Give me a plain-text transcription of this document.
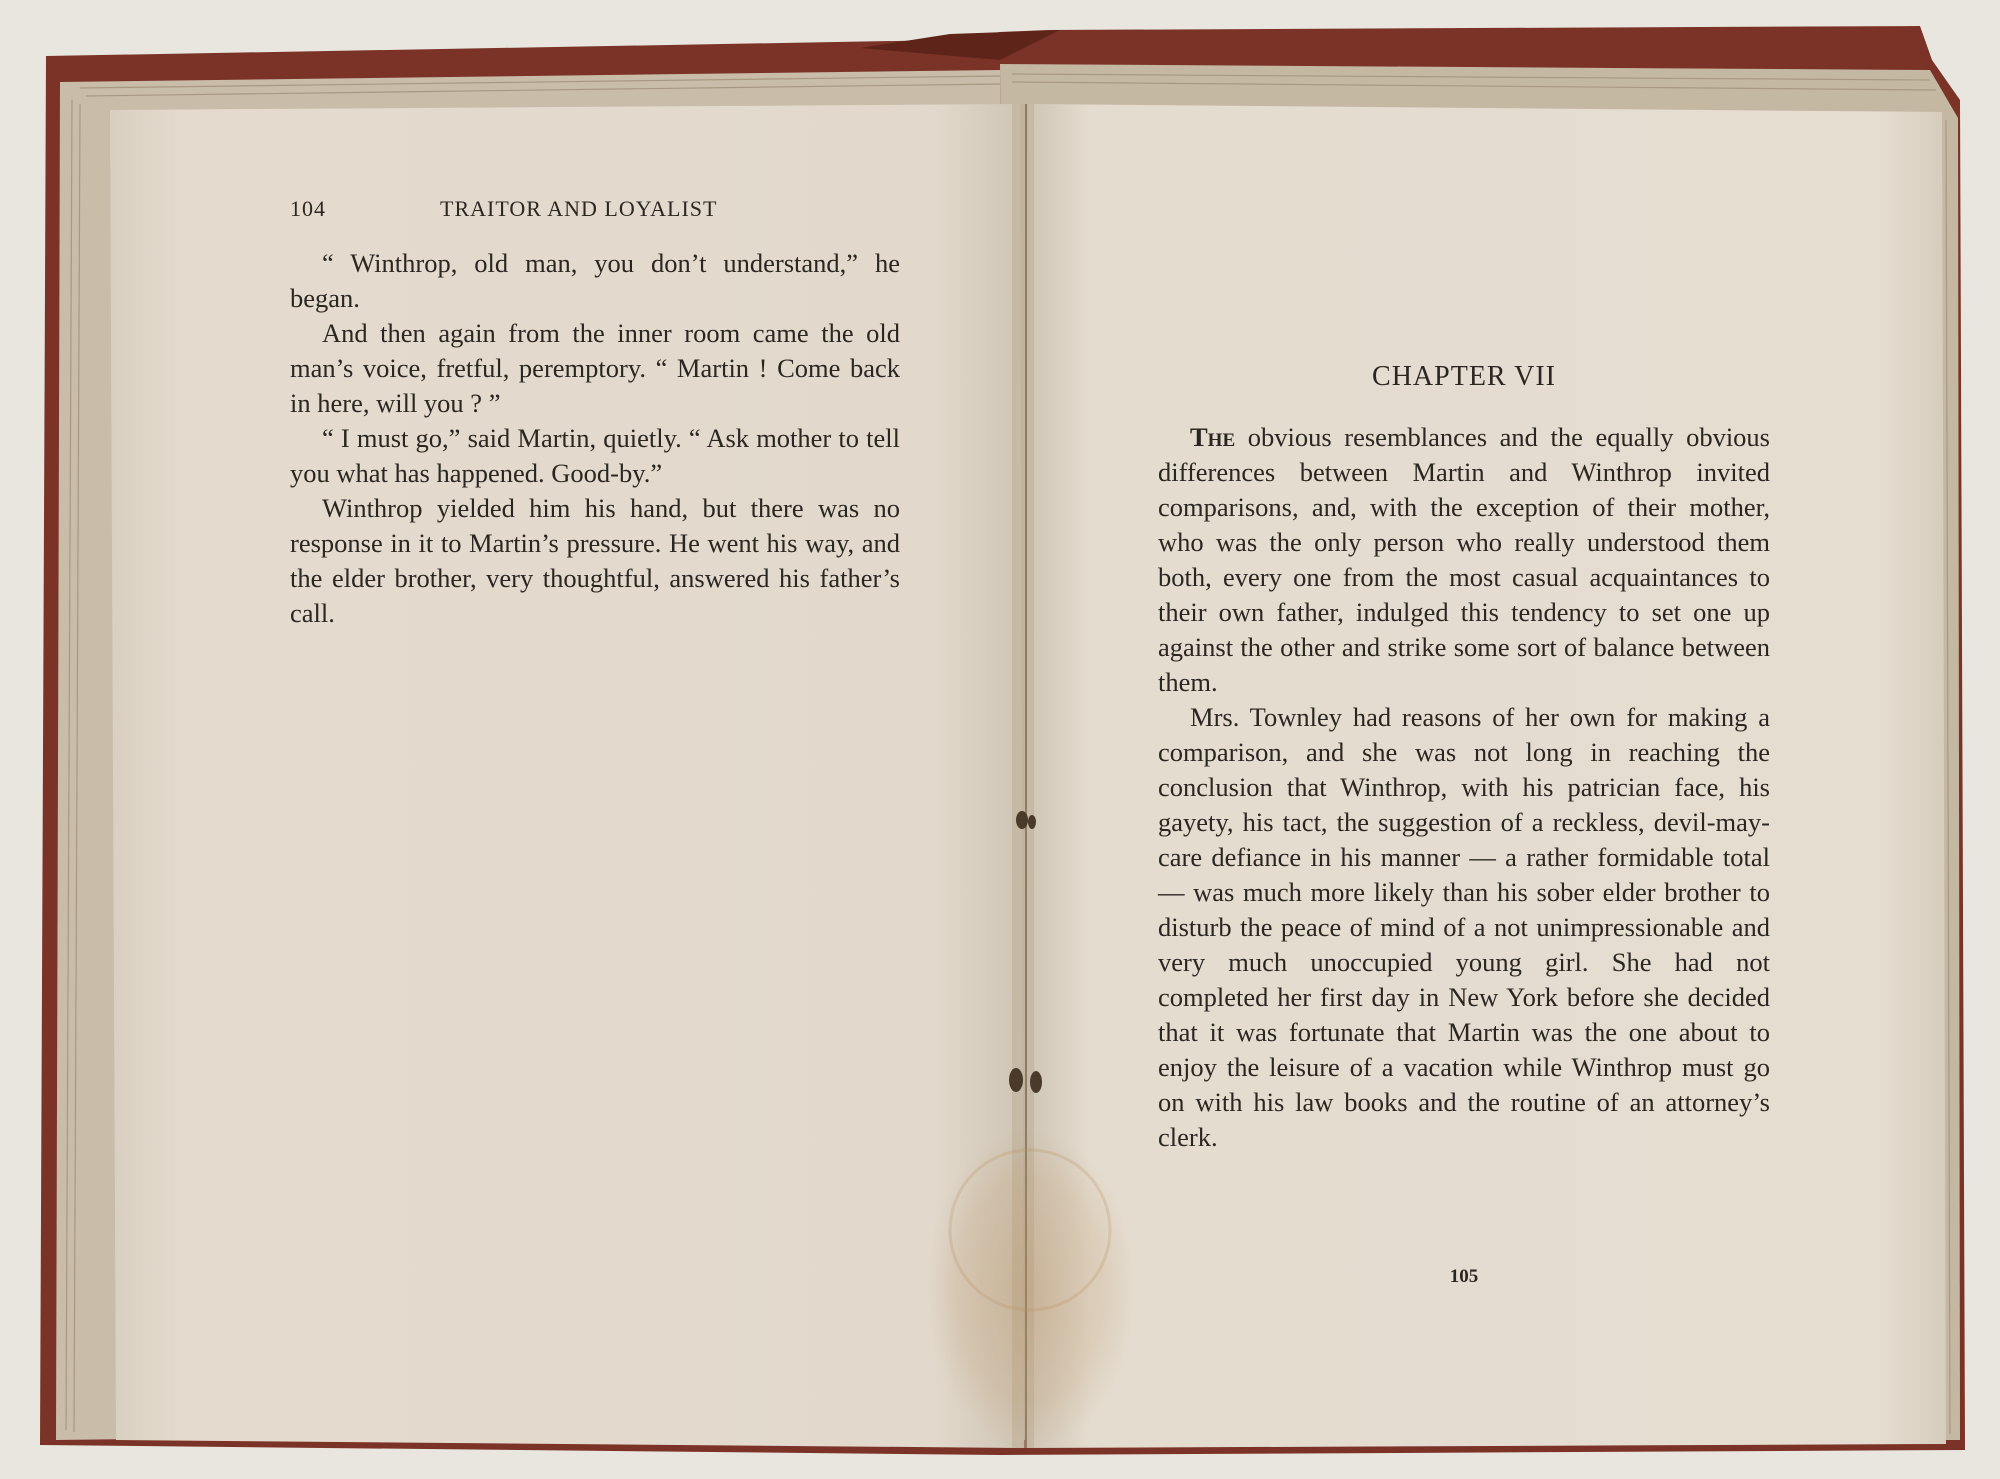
104	TRAITOR AND LOYALIST

“ Winthrop, old man, you don’t understand,” he began.

And then again from the inner room came the old man’s voice, fretful, peremptory. “ Martin ! Come back in here, will you ? ”

“ I must go,” said Martin, quietly. “ Ask mother to tell you what has happened. Good-by.”

Winthrop yielded him his hand, but there was no response in it to Martin’s pressure. He went his way, and the elder brother, very thoughtful, answered his father’s call.

CHAPTER VII

The obvious resemblances and the equally obvious differences between Martin and Winthrop invited comparisons, and, with the exception of their mother, who was the only person who really understood them both, every one from the most casual acquaintances to their own father, indulged this tendency to set one up against the other and strike some sort of balance between them.

Mrs. Townley had reasons of her own for making a comparison, and she was not long in reaching the conclusion that Winthrop, with his patrician face, his gayety, his tact, the suggestion of a reckless, devil-may-care defiance in his manner — a rather formidable total — was much more likely than his sober elder brother to disturb the peace of mind of a not unimpressionable and very much unoccupied young girl. She had not completed her first day in New York before she decided that it was fortunate that Martin was the one about to enjoy the leisure of a vacation while Winthrop must go on with his law books and the routine of an attorney’s clerk.

105
